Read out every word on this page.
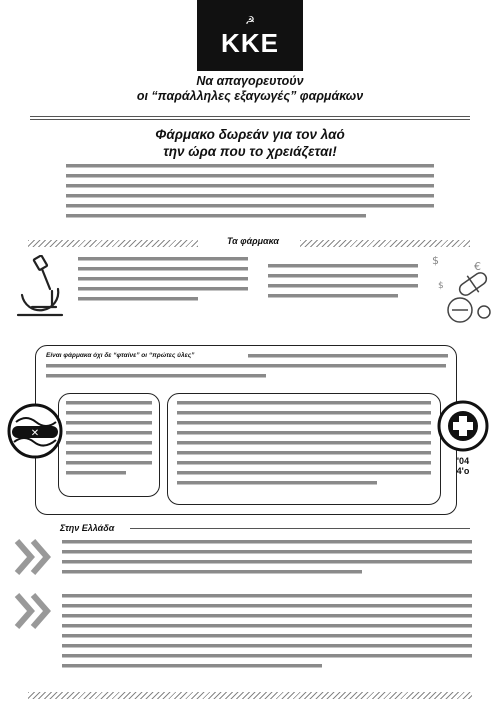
☭
ΚΚΕ
Να απαγορευτούν
οι “παράλληλες εξαγωγές” φαρμάκων
Φάρμακο δωρεάν για τον λαό
την ώρα που το χρειάζεται!
Τα φάρμακα
$	€
$
Είναι φάρμακα όχι δε “φταίνε” οι “πρώτες ύλες”
✕
'04
4'o
Στην Ελλάδα
